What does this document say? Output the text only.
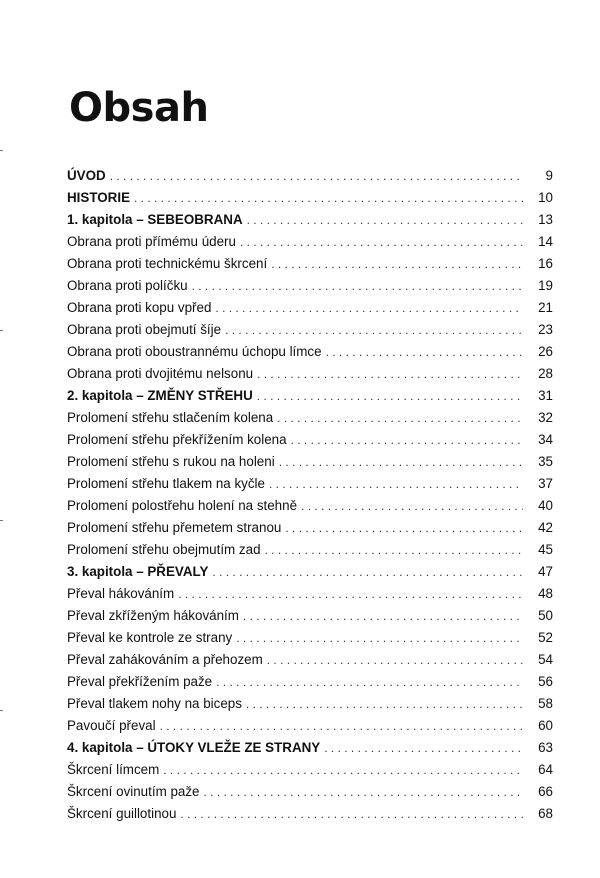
Obsah
ÚVOD . . .	9
HISTORIE . . .	10
1. kapitola – SEBEOBRANA . . .	13
Obrana proti přímému úderu . . .	14
Obrana proti technickému škrcení . . .	16
Obrana proti políčku . . .	19
Obrana proti kopu vpřed . . .	21
Obrana proti obejmutí šíje . . .	23
Obrana proti oboustrannému úchopu límce . . .	26
Obrana proti dvojitému nelsonu . . .	28
2. kapitola – ZMĚNY STŘEHU . . .	31
Prolomení střehu stlačením kolena . . .	32
Prolomení střehu překřížením kolena . . .	34
Prolomení střehu s rukou na holeni . . .	35
Prolomení střehu tlakem na kyčle . . .	37
Prolomení polostřehu holení na stehně . . .	40
Prolomení střehu přemetem stranou . . .	42
Prolomení střehu obejmutím zad . . .	45
3. kapitola – PŘEVALY . . .	47
Převal hákováním . . .	48
Převal zkříženým hákováním . . .	50
Převal ke kontrole ze strany . . .	52
Převal zahákováním a přehozem . . .	54
Převal překřížením paže . . .	56
Převal tlakem nohy na biceps . . .	58
Pavoučí převal . . .	60
4. kapitola – ÚTOKY VLEŽE ZE STRANY . . .	63
Škrcení límcem . . .	64
Škrcení ovinutím paže . . .	66
Škrcení guillotinou . . .	68
